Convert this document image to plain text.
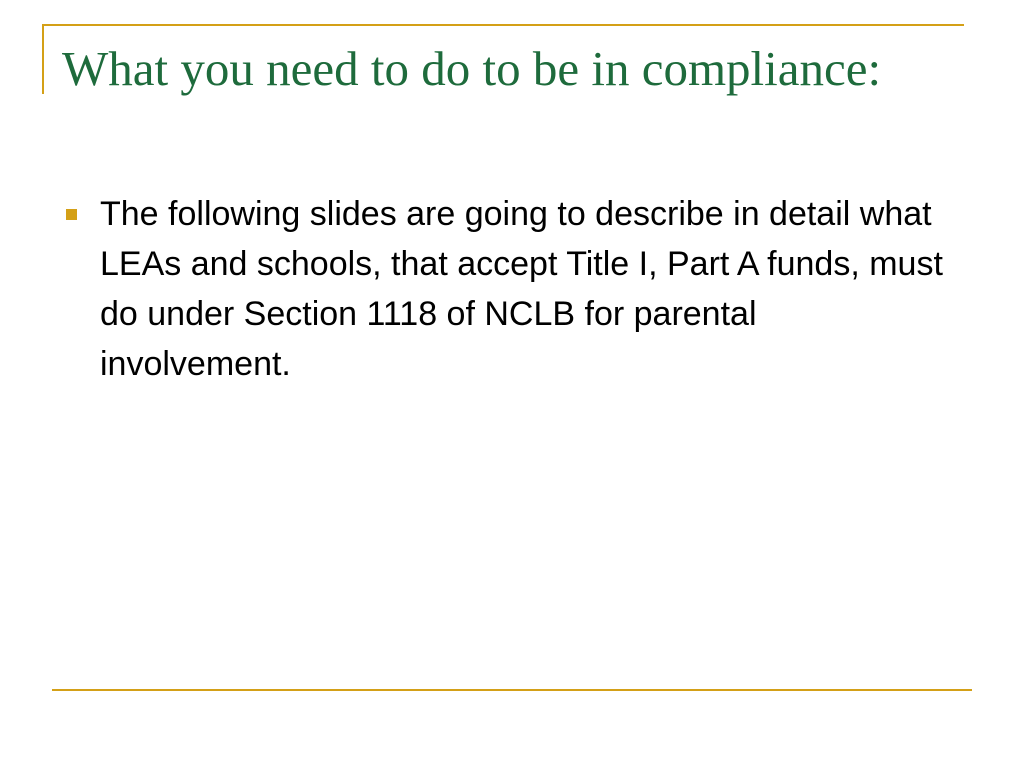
What you need to do to be in compliance:
The following slides are going to describe in detail what LEAs and schools, that accept Title I, Part A funds, must do under Section 1118 of NCLB for parental involvement.
